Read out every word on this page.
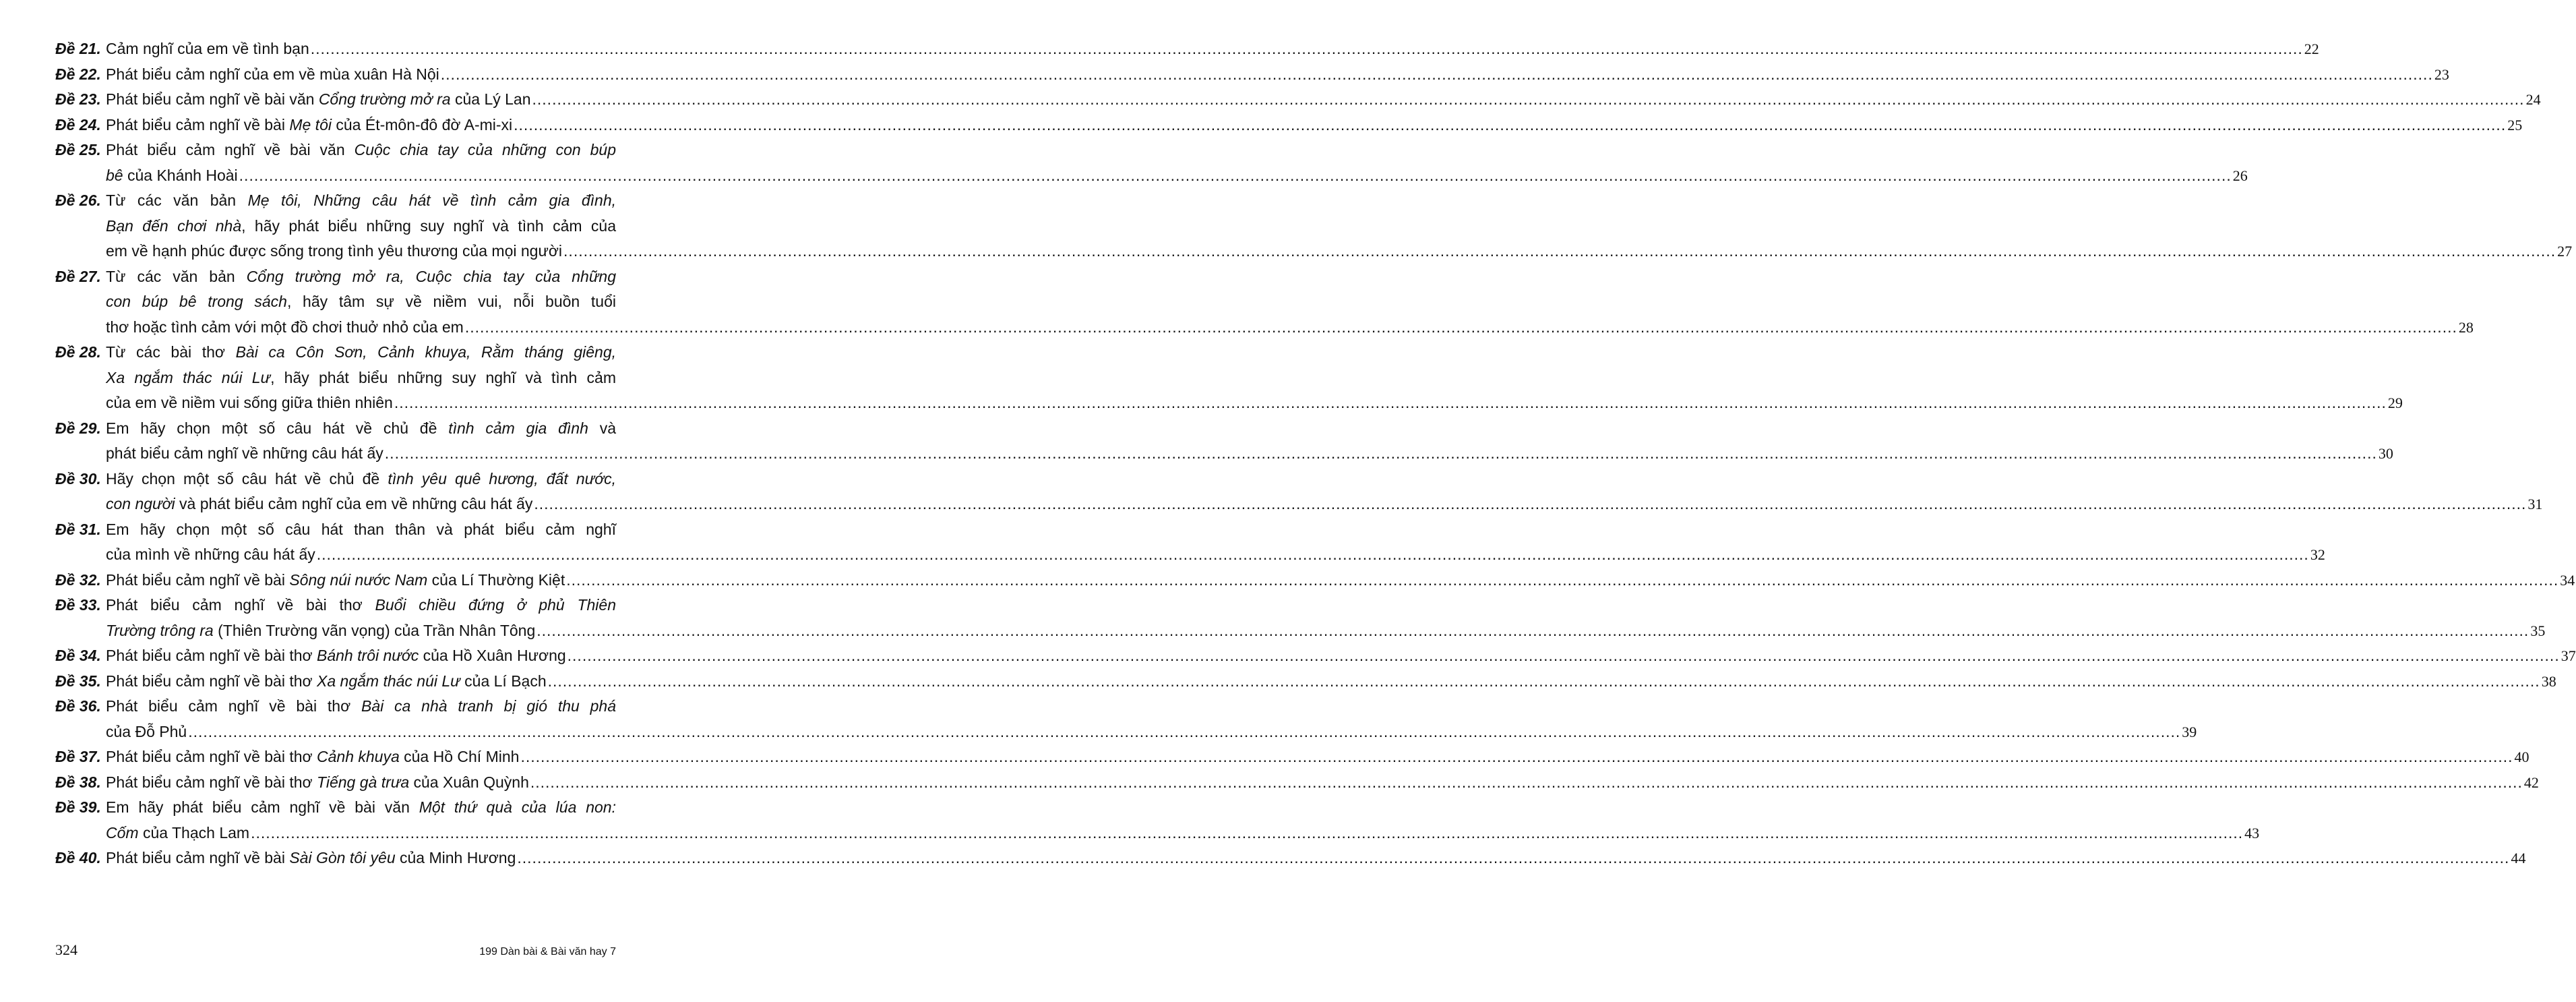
Đề 21. Cảm nghĩ của em về tình bạn ................................................................................................................................................................................................................................................................................................................................................................................................................ 22
Đề 22. Phát biểu cảm nghĩ của em về mùa xuân Hà Nội ................................................................................................................................................................................................................................................................................................................................................................................................................ 23
Đề 23. Phát biểu cảm nghĩ về bài văn Cổng trường mở ra của Lý Lan ................................................................................................................................................................................................................................................................................................................................................................................................................ 24
Đề 24. Phát biểu cảm nghĩ về bài Mẹ tôi của Ét-môn-đô đờ A-mi-xi ................................................................................................................................................................................................................................................................................................................................................................................................................ 25
Đề 25. Phát biểu cảm nghĩ về bài văn Cuộc chia tay của những con búp
bê của Khánh Hoài ................................................................................................................................................................................................................................................................................................................................................................................................................ 26
Đề 26. Từ các văn bản Mẹ tôi, Những câu hát về tình cảm gia đình,
Bạn đến chơi nhà, hãy phát biểu những suy nghĩ và tình cảm của
em về hạnh phúc được sống trong tình yêu thương của mọi người ................................................................................................................................................................................................................................................................................................................................................................................................................ 27
Đề 27. Từ các văn bản Cổng trường mở ra, Cuộc chia tay của những
con búp bê trong sách, hãy tâm sự về niềm vui, nỗi buồn tuổi
thơ hoặc tình cảm với một đồ chơi thuở nhỏ của em ................................................................................................................................................................................................................................................................................................................................................................................................................ 28
Đề 28. Từ các bài thơ Bài ca Côn Sơn, Cảnh khuya, Rằm tháng giêng,
Xa ngắm thác núi Lư, hãy phát biểu những suy nghĩ và tình cảm
của em về niềm vui sống giữa thiên nhiên ................................................................................................................................................................................................................................................................................................................................................................................................................ 29
Đề 29. Em hãy chọn một số câu hát về chủ đề tình cảm gia đình và
phát biểu cảm nghĩ về những câu hát ấy ................................................................................................................................................................................................................................................................................................................................................................................................................ 30
Đề 30. Hãy chọn một số câu hát về chủ đề tình yêu quê hương, đất nước,
con người và phát biểu cảm nghĩ của em về những câu hát ấy ................................................................................................................................................................................................................................................................................................................................................................................................................ 31
Đề 31. Em hãy chọn một số câu hát than thân và phát biểu cảm nghĩ
của mình về những câu hát ấy ................................................................................................................................................................................................................................................................................................................................................................................................................ 32
Đề 32. Phát biểu cảm nghĩ về bài Sông núi nước Nam của Lí Thường Kiệt ................................................................................................................................................................................................................................................................................................................................................................................................................ 34
Đề 33. Phát biểu cảm nghĩ về bài thơ Buổi chiều đứng ở phủ Thiên
Trường trông ra (Thiên Trường vãn vọng) của Trần Nhân Tông ................................................................................................................................................................................................................................................................................................................................................................................................................ 35
Đề 34. Phát biểu cảm nghĩ về bài thơ Bánh trôi nước của Hồ Xuân Hương ................................................................................................................................................................................................................................................................................................................................................................................................................ 37
Đề 35. Phát biểu cảm nghĩ về bài thơ Xa ngắm thác núi Lư của Lí Bạch ................................................................................................................................................................................................................................................................................................................................................................................................................ 38
Đề 36. Phát biểu cảm nghĩ về bài thơ Bài ca nhà tranh bị gió thu phá
của Đỗ Phủ ................................................................................................................................................................................................................................................................................................................................................................................................................ 39
Đề 37. Phát biểu cảm nghĩ về bài thơ Cảnh khuya của Hồ Chí Minh ................................................................................................................................................................................................................................................................................................................................................................................................................ 40
Đề 38. Phát biểu cảm nghĩ về bài thơ Tiếng gà trưa của Xuân Quỳnh ................................................................................................................................................................................................................................................................................................................................................................................................................ 42
Đề 39. Em hãy phát biểu cảm nghĩ về bài văn Một thứ quà của lúa non:
Cốm của Thạch Lam ................................................................................................................................................................................................................................................................................................................................................................................................................ 43
Đề 40. Phát biểu cảm nghĩ về bài Sài Gòn tôi yêu của Minh Hương ................................................................................................................................................................................................................................................................................................................................................................................................................ 44
324	199 Dàn bài & Bài văn hay 7
